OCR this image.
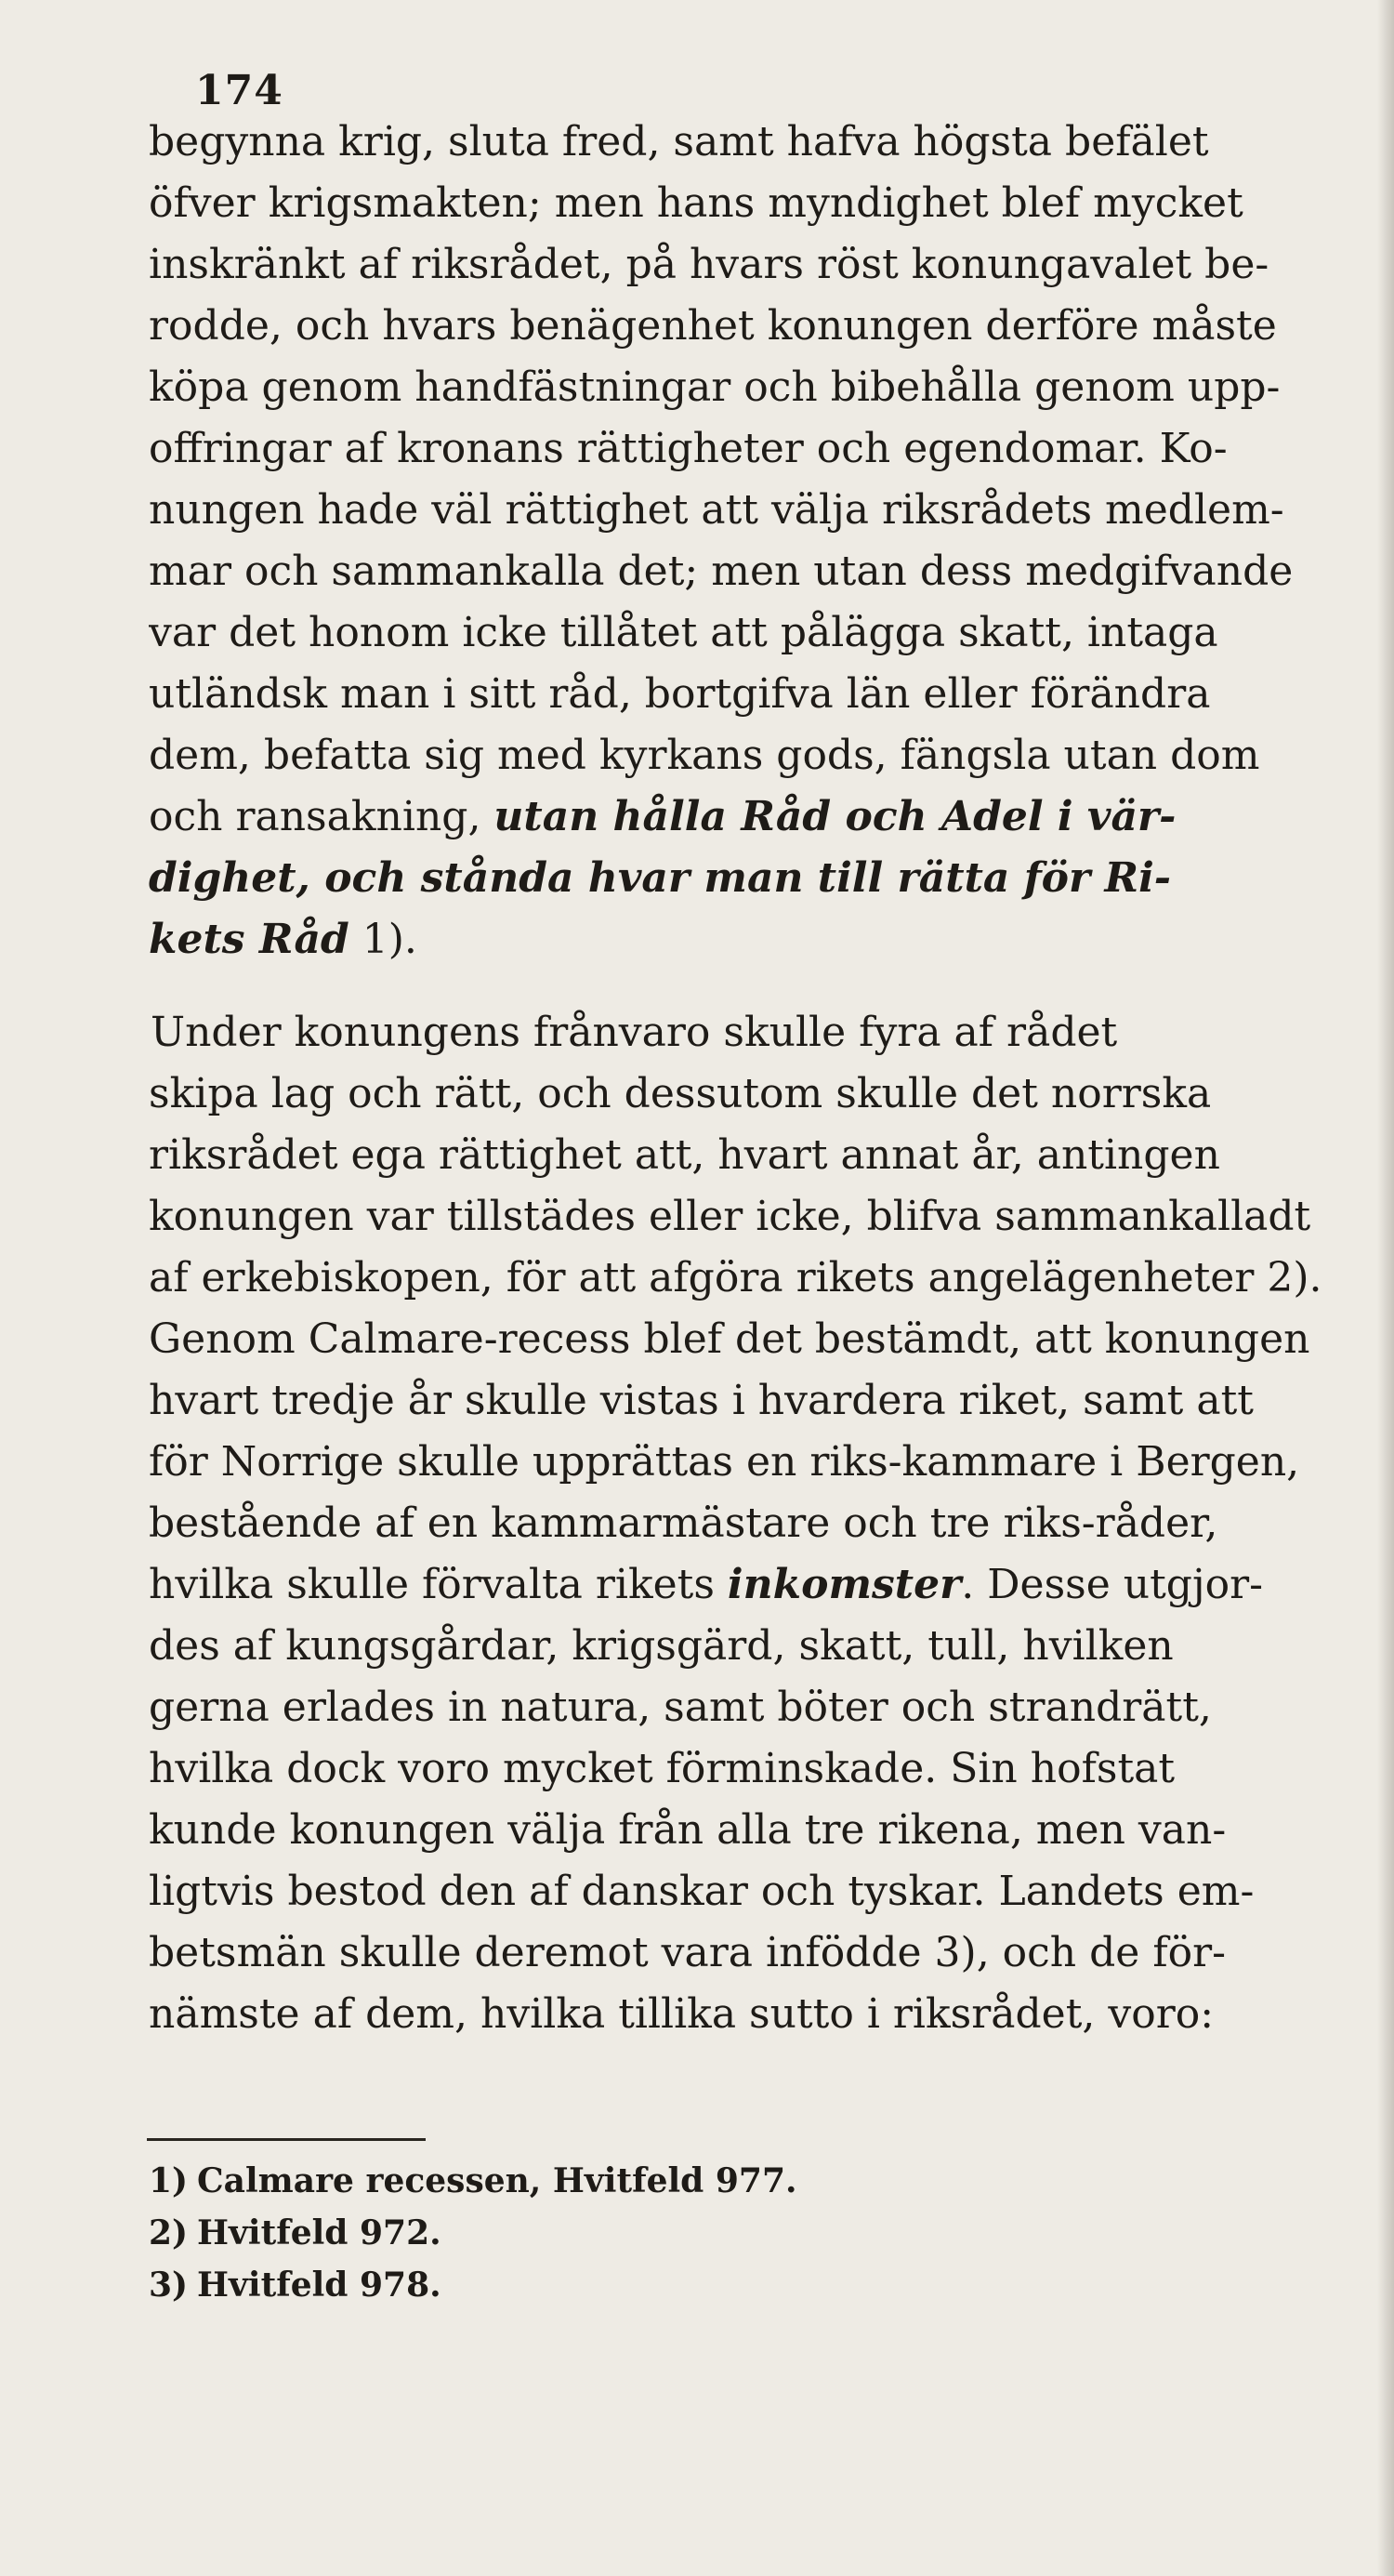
174
begynna krig, sluta fred, samt hafva högsta befälet
öfver krigsmakten; men hans myndighet blef mycket
inskränkt af riksrådet, på hvars röst konungavalet be-
rodde, och hvars benägenhet konungen derföre måste
köpa genom handfästningar och bibehålla genom upp-
offringar af kronans rättigheter och egendomar. Ko-
nungen hade väl rättighet att välja riksrådets medlem-
mar och sammankalla det; men utan dess medgifvande
var det honom icke tillåtet att pålägga skatt, intaga
utländsk man i sitt råd, bortgifva län eller förändra
dem, befatta sig med kyrkans gods, fängsla utan dom
och ransakning, utan hålla Råd och Adel i vär-
dighet, och stånda hvar man till rätta för Ri-
kets Råd 1).
Under konungens frånvaro skulle fyra af rådet
skipa lag och rätt, och dessutom skulle det norrska
riksrådet ega rättighet att, hvart annat år, antingen
konungen var tillstädes eller icke, blifva sammankalladt
af erkebiskopen, för att afgöra rikets angelägenheter 2).
Genom Calmare-recess blef det bestämdt, att konungen
hvart tredje år skulle vistas i hvardera riket, samt att
för Norrige skulle upprättas en riks-kammare i Bergen,
bestående af en kammarmästare och tre riks-råder,
hvilka skulle förvalta rikets inkomster. Desse utgjor-
des af kungsgårdar, krigsgärd, skatt, tull, hvilken
gerna erlades in natura, samt böter och strandrätt,
hvilka dock voro mycket förminskade. Sin hofstat
kunde konungen välja från alla tre rikena, men van-
ligtvis bestod den af danskar och tyskar. Landets em-
betsmän skulle deremot vara infödde 3), och de för-
nämste af dem, hvilka tillika sutto i riksrådet, voro:
1) Calmare recessen, Hvitfeld 977.
2) Hvitfeld 972.
3) Hvitfeld 978.
